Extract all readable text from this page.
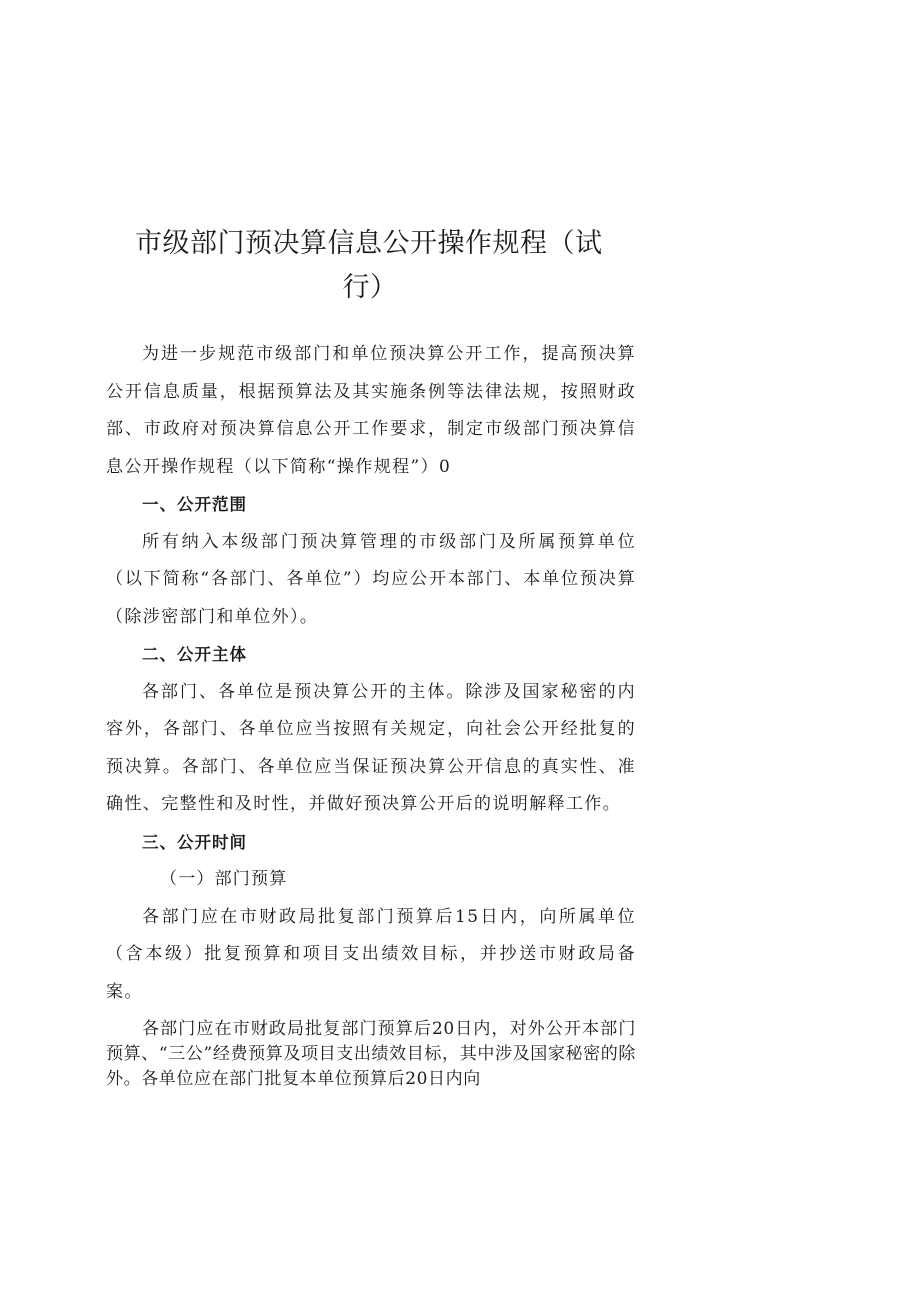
市级部门预决算信息公开操作规程（试
行）

为进一步规范市级部门和单位预决算公开工作，提高预决算公开信息质量，根据预算法及其实施条例等法律法规，按照财政部、市政府对预决算信息公开工作要求，制定市级部门预决算信息公开操作规程（以下简称“操作规程”）0

一、公开范围

所有纳入本级部门预决算管理的市级部门及所属预算单位（以下简称“各部门、各单位”）均应公开本部门、本单位预决算（除涉密部门和单位外）。

二、公开主体

各部门、各单位是预决算公开的主体。除涉及国家秘密的内容外，各部门、各单位应当按照有关规定，向社会公开经批复的预决算。各部门、各单位应当保证预决算公开信息的真实性、准确性、完整性和及时性，并做好预决算公开后的说明解释工作。

三、公开时间

（一）部门预算

各部门应在市财政局批复部门预算后15日内，向所属单位（含本级）批复预算和项目支出绩效目标，并抄送市财政局备案。

各部门应在市财政局批复部门预算后20日内，对外公开本部门预算、“三公”经费预算及项目支出绩效目标，其中涉及国家秘密的除外。各单位应在部门批复本单位预算后20日内向
